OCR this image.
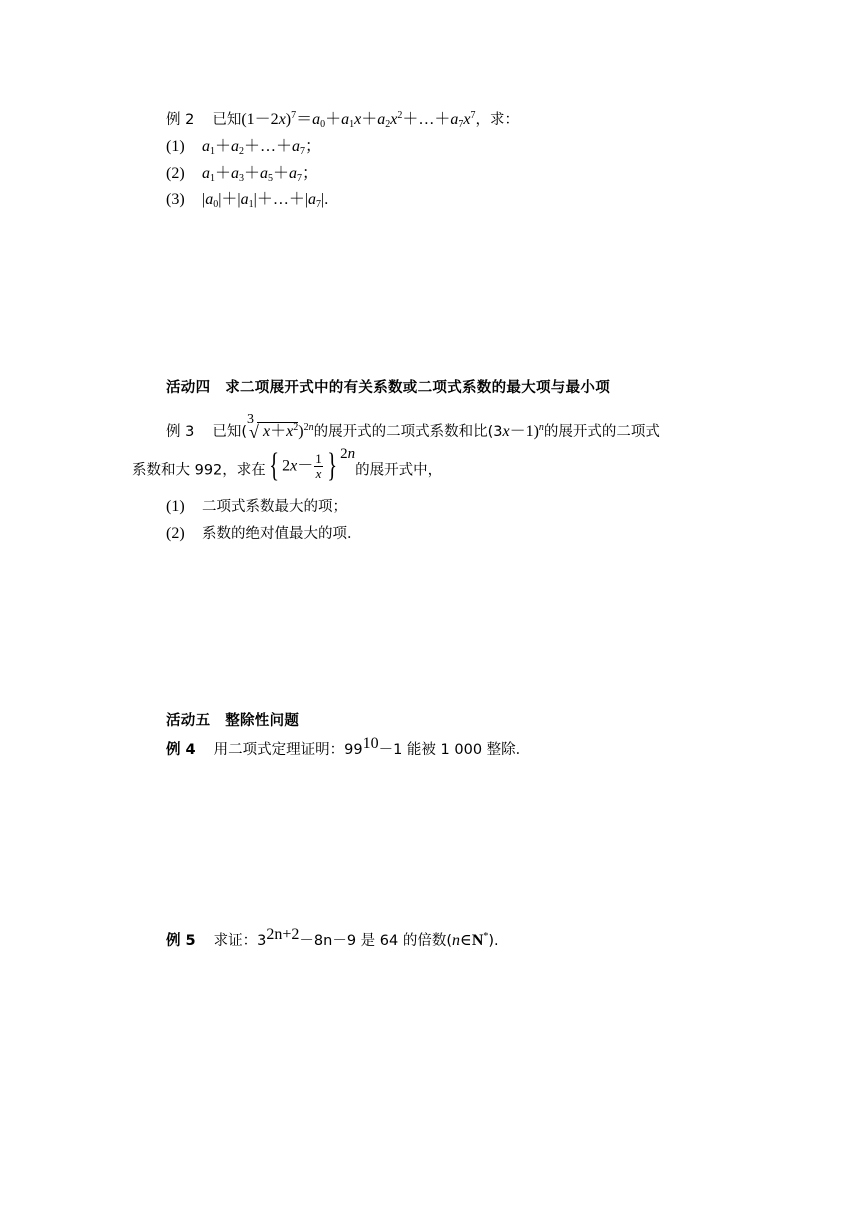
例 2 已知$(1-2x)^7=a_0+a_1x+a_2x^2+\dots+a_7x^7$，求：
(1) $a_1+a_2+\dots+a_7$；
(2) $a_1+a_3+a_5+a_7$；
(3) $|a_0|+|a_1|+\dots+|a_7|$.
活动四　求二项展开式中的有关系数或二项式系数的最大项与最小项
例 3 已知(
3
√ $x+x^2)^{2n}$的展开式的二项式系数和比$(3x-1)^n$的展开式的二项式
系数和大 992，求在{ $2x- \frac{1}{x}$ } 2n的展开式中，
(1) 二项式系数最大的项；
(2) 系数的绝对值最大的项．
活动五　整除性问题
例 4 用二项式定理证明：$99^{10}-1$ 能被 1 000 整除．
例 5 求证：$3^{2n+2}-8n-9$ 是 64 的倍数(n∈N*).
